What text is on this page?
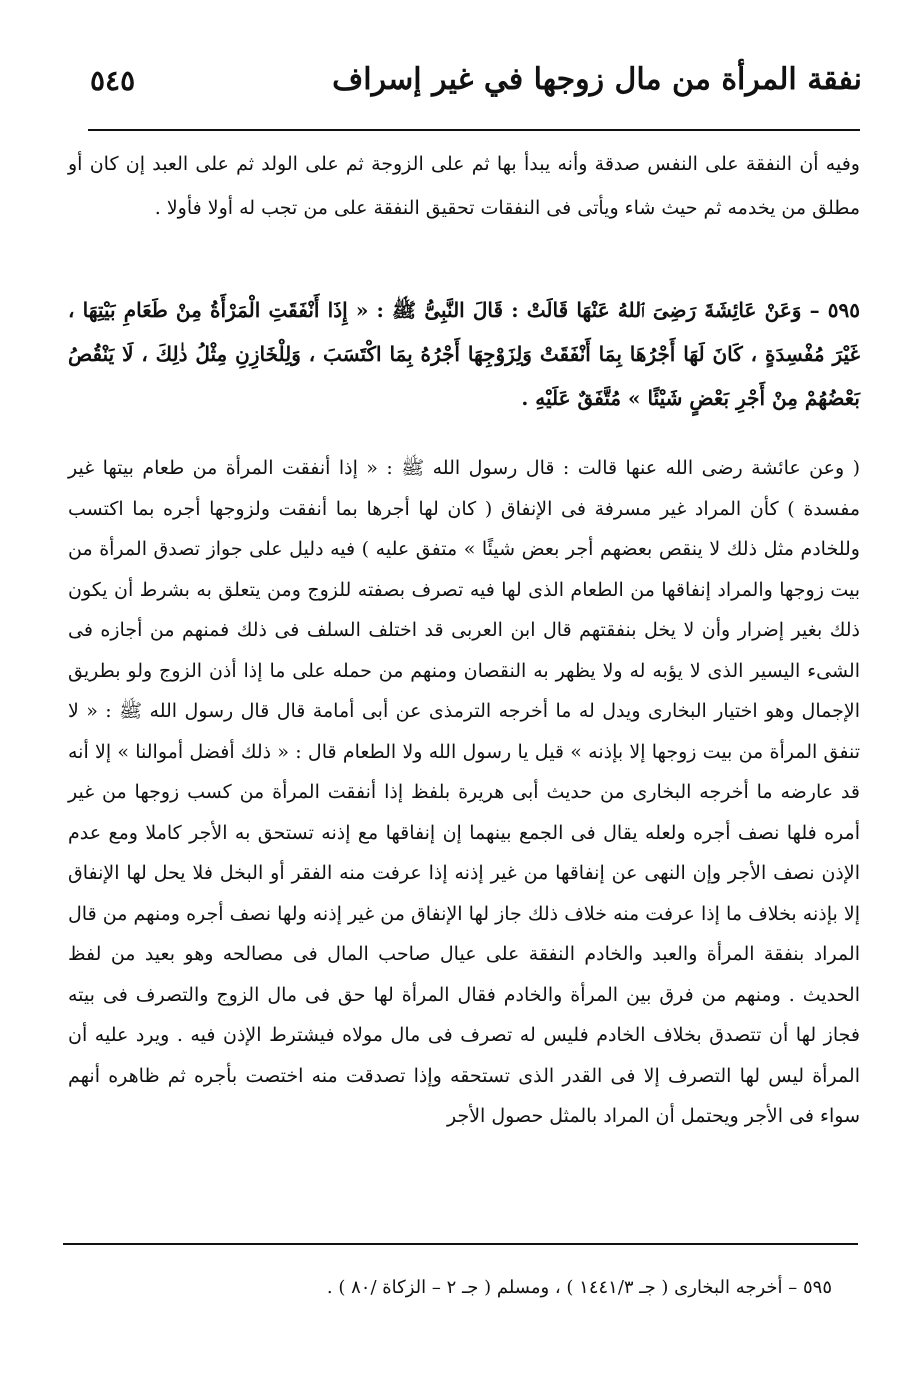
نفقة المرأة من مال زوجها في غير إسراف
٥٤٥

وفيه أن النفقة على النفس صدقة وأنه يبدأ بها ثم على الزوجة ثم على الولد ثم على العبد إن كان أو مطلق من يخدمه ثم حيث شاء ويأتى فى النفقات تحقيق النفقة على من تجب له أولا فأولا .

٥٩٥ – وَعَنْ عَائِشَةَ رَضِىَ ٱللهُ عَنْهَا قَالَتْ : قَالَ النَّبِىُّ ﷺ : « إِذَا أَنْفَقَتِ الْمَرْأَةُ مِنْ طَعَامِ بَيْتِهَا ، غَيْرَ مُفْسِدَةٍ ، كَانَ لَهَا أَجْرُهَا بِمَا أَنْفَقَتْ وَلِزَوْجِهَا أَجْرُهُ بِمَا اكْتَسَبَ ، وَلِلْخَازِنِ مِثْلُ ذٰلِكَ ، لَا يَنْقُصُ بَعْضُهُمْ مِنْ أَجْرِ بَعْضٍ شَيْئًا » مُتَّفَقٌ عَلَيْهِ .

( وعن عائشة رضى الله عنها قالت : قال رسول الله ﷺ : « إذا أنفقت المرأة من طعام بيتها غير مفسدة ) كأن المراد غير مسرفة فى الإنفاق ( كان لها أجرها بما أنفقت ولزوجها أجره بما اكتسب وللخادم مثل ذلك لا ينقص بعضهم أجر بعض شيئًا » متفق عليه ) فيه دليل على جواز تصدق المرأة من بيت زوجها والمراد إنفاقها من الطعام الذى لها فيه تصرف بصفته للزوج ومن يتعلق به بشرط أن يكون ذلك بغير إضرار وأن لا يخل بنفقتهم قال ابن العربى قد اختلف السلف فى ذلك فمنهم من أجازه فى الشىء اليسير الذى لا يؤبه له ولا يظهر به النقصان ومنهم من حمله على ما إذا أذن الزوج ولو بطريق الإجمال وهو اختيار البخارى ويدل له ما أخرجه الترمذى عن أبى أمامة قال قال رسول الله ﷺ : « لا تنفق المرأة من بيت زوجها إلا بإذنه » قيل يا رسول الله ولا الطعام قال : « ذلك أفضل أموالنا » إلا أنه قد عارضه ما أخرجه البخارى من حديث أبى هريرة بلفظ إذا أنفقت المرأة من كسب زوجها من غير أمره فلها نصف أجره ولعله يقال فى الجمع بينهما إن إنفاقها مع إذنه تستحق به الأجر كاملا ومع عدم الإذن نصف الأجر وإن النهى عن إنفاقها من غير إذنه إذا عرفت منه الفقر أو البخل فلا يحل لها الإنفاق إلا بإذنه بخلاف ما إذا عرفت منه خلاف ذلك جاز لها الإنفاق من غير إذنه ولها نصف أجره ومنهم من قال المراد بنفقة المرأة والعبد والخادم النفقة على عيال صاحب المال فى مصالحه وهو بعيد من لفظ الحديث . ومنهم من فرق بين المرأة والخادم فقال المرأة لها حق فى مال الزوج والتصرف فى بيته فجاز لها أن تتصدق بخلاف الخادم فليس له تصرف فى مال مولاه فيشترط الإذن فيه . ويرد عليه أن المرأة ليس لها التصرف إلا فى القدر الذى تستحقه وإذا تصدقت منه اختصت بأجره ثم ظاهره أنهم سواء فى الأجر ويحتمل أن المراد بالمثل حصول الأجر

٥٩٥ – أخرجه البخارى ( جـ ١٤٤١/٣ ) ، ومسلم ( جـ ٢ – الزكاة /٨٠ ) .
